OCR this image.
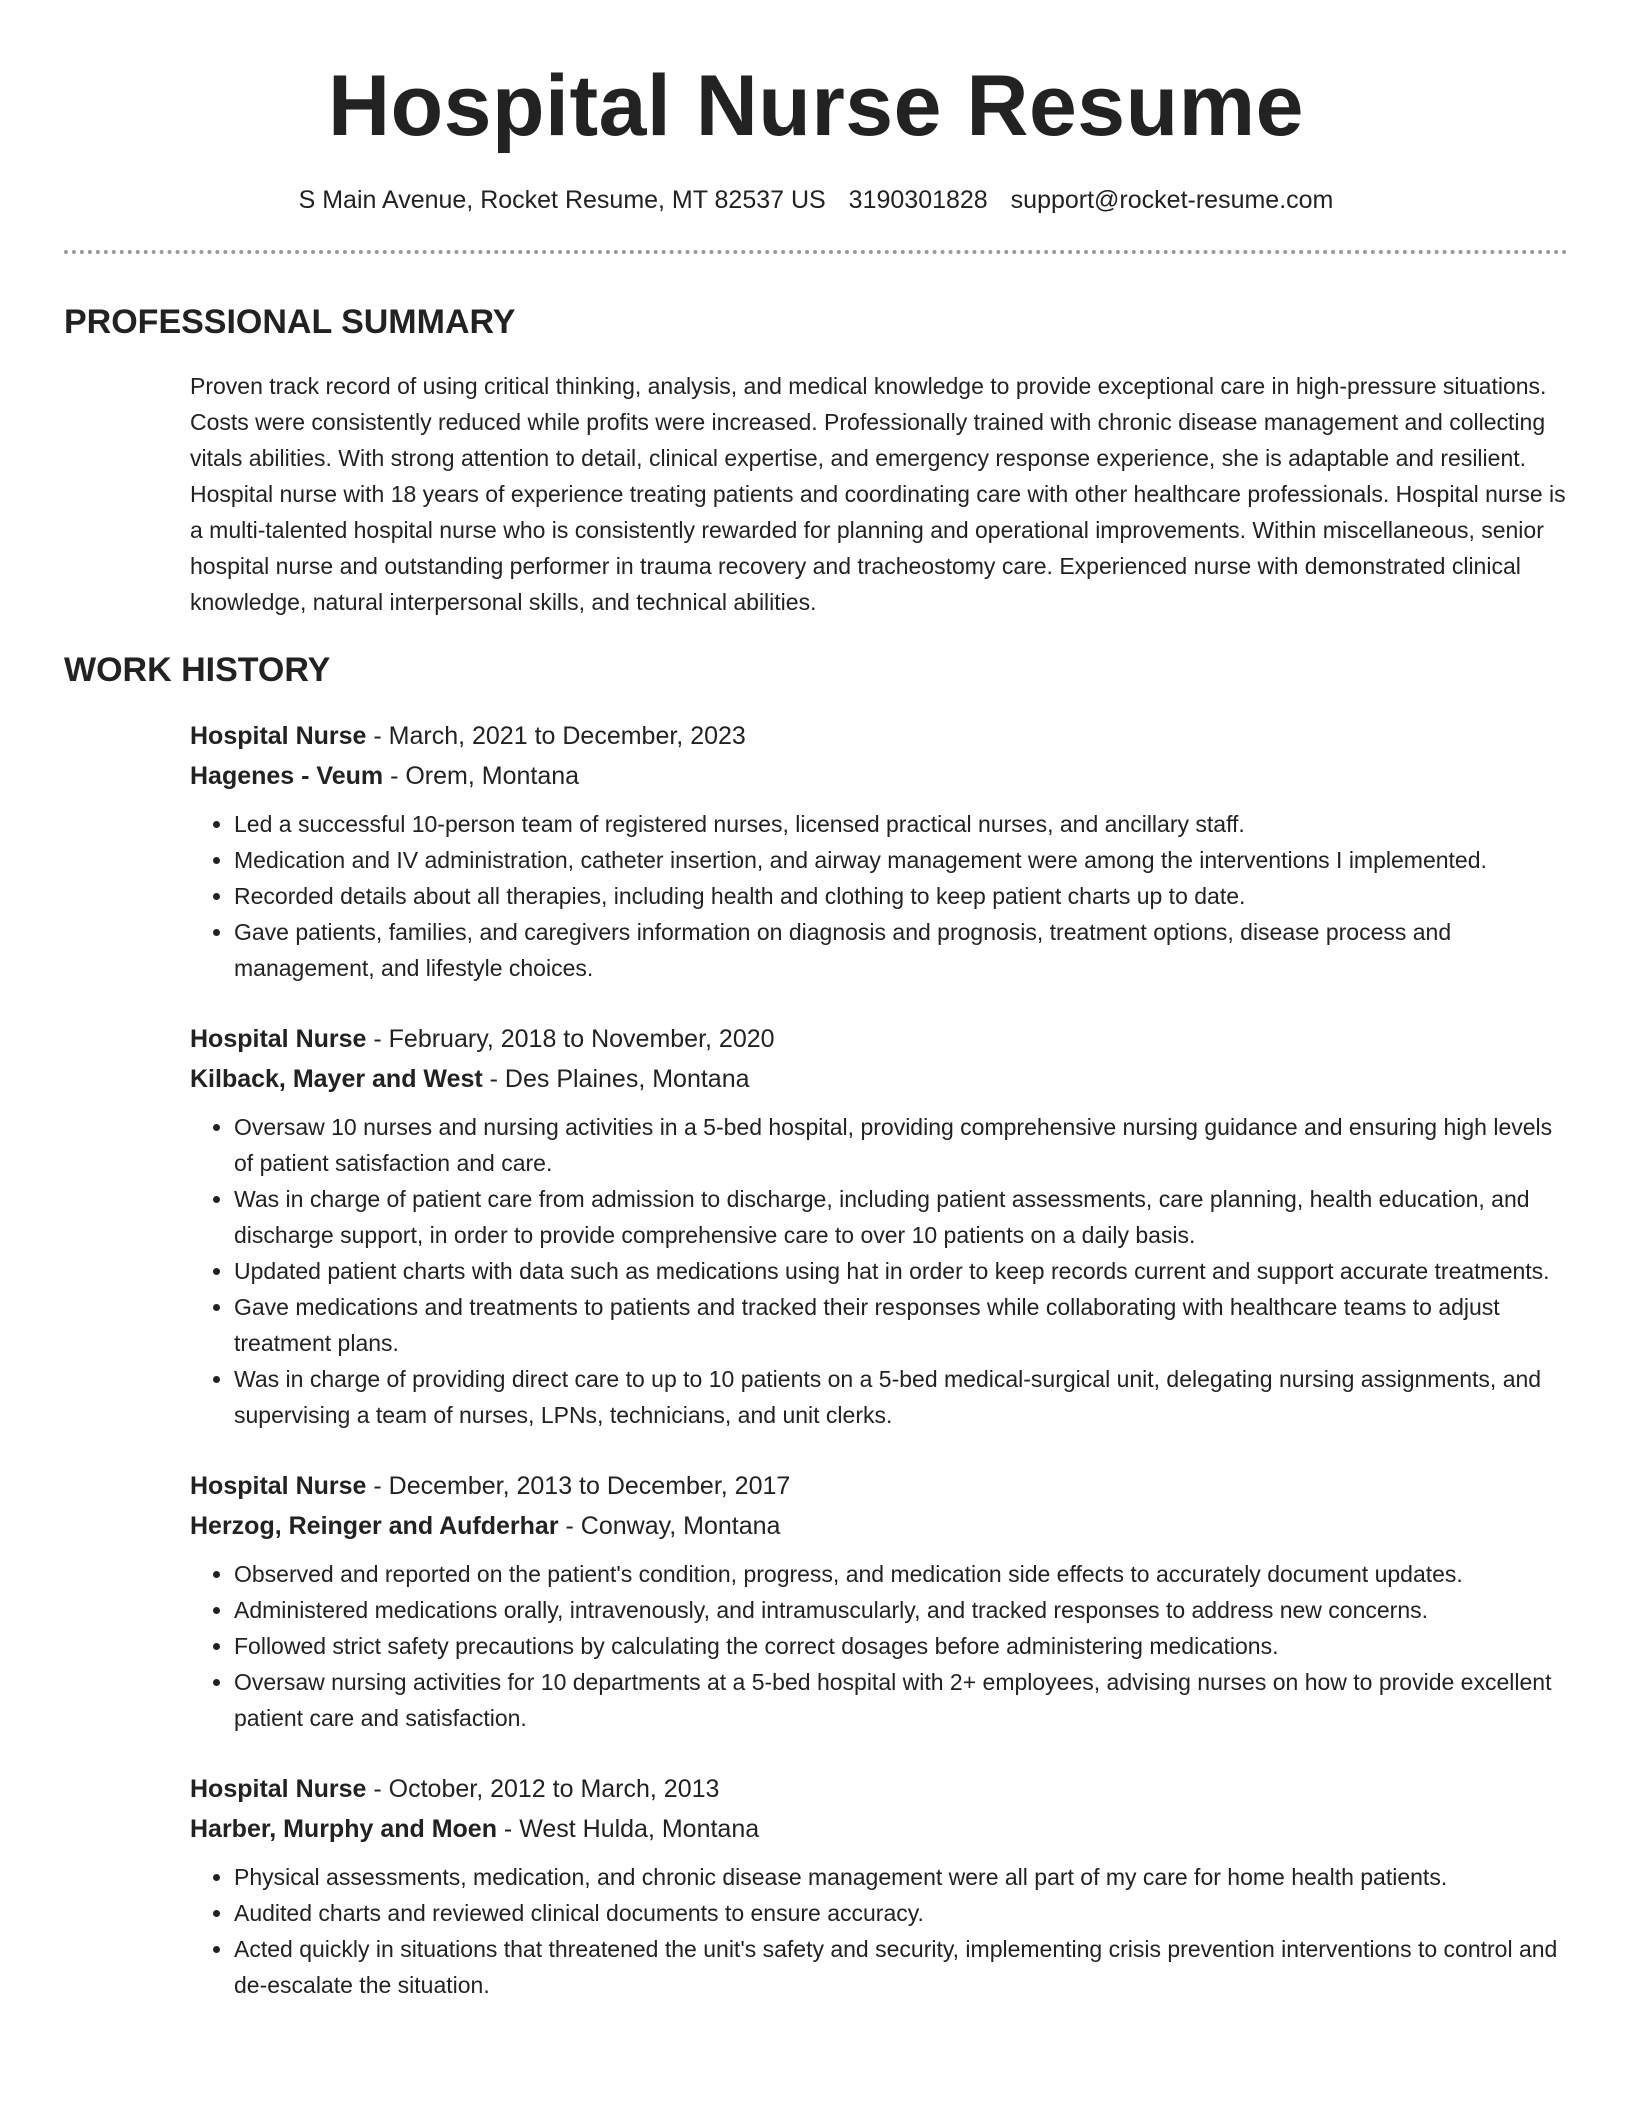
Hospital Nurse Resume
S Main Avenue, Rocket Resume, MT 82537 US 3190301828 support@rocket-resume.com
PROFESSIONAL SUMMARY

Proven track record of using critical thinking, analysis, and medical knowledge to provide exceptional care in high-pressure situations. Costs were consistently reduced while profits were increased. Professionally trained with chronic disease management and collecting vitals abilities. With strong attention to detail, clinical expertise, and emergency response experience, she is adaptable and resilient. Hospital nurse with 18 years of experience treating patients and coordinating care with other healthcare professionals. Hospital nurse is a multi-talented hospital nurse who is consistently rewarded for planning and operational improvements. Within miscellaneous, senior hospital nurse and outstanding performer in trauma recovery and tracheostomy care. Experienced nurse with demonstrated clinical knowledge, natural interpersonal skills, and technical abilities.

WORK HISTORY
Hospital Nurse - March, 2021 to December, 2023
Hagenes - Veum - Orem, Montana
• Led a successful 10-person team of registered nurses, licensed practical nurses, and ancillary staff.
• Medication and IV administration, catheter insertion, and airway management were among the interventions I implemented.
• Recorded details about all therapies, including health and clothing to keep patient charts up to date.
• Gave patients, families, and caregivers information on diagnosis and prognosis, treatment options, disease process and management, and lifestyle choices.
Hospital Nurse - February, 2018 to November, 2020
Kilback, Mayer and West - Des Plaines, Montana
• Oversaw 10 nurses and nursing activities in a 5-bed hospital, providing comprehensive nursing guidance and ensuring high levels of patient satisfaction and care.
• Was in charge of patient care from admission to discharge, including patient assessments, care planning, health education, and discharge support, in order to provide comprehensive care to over 10 patients on a daily basis.
• Updated patient charts with data such as medications using hat in order to keep records current and support accurate treatments.
• Gave medications and treatments to patients and tracked their responses while collaborating with healthcare teams to adjust treatment plans.
• Was in charge of providing direct care to up to 10 patients on a 5-bed medical-surgical unit, delegating nursing assignments, and supervising a team of nurses, LPNs, technicians, and unit clerks.
Hospital Nurse - December, 2013 to December, 2017
Herzog, Reinger and Aufderhar - Conway, Montana
• Observed and reported on the patient's condition, progress, and medication side effects to accurately document updates.
• Administered medications orally, intravenously, and intramuscularly, and tracked responses to address new concerns.
• Followed strict safety precautions by calculating the correct dosages before administering medications.
• Oversaw nursing activities for 10 departments at a 5-bed hospital with 2+ employees, advising nurses on how to provide excellent patient care and satisfaction.
Hospital Nurse - October, 2012 to March, 2013
Harber, Murphy and Moen - West Hulda, Montana
• Physical assessments, medication, and chronic disease management were all part of my care for home health patients.
• Audited charts and reviewed clinical documents to ensure accuracy.
• Acted quickly in situations that threatened the unit's safety and security, implementing crisis prevention interventions to control and de-escalate the situation.
